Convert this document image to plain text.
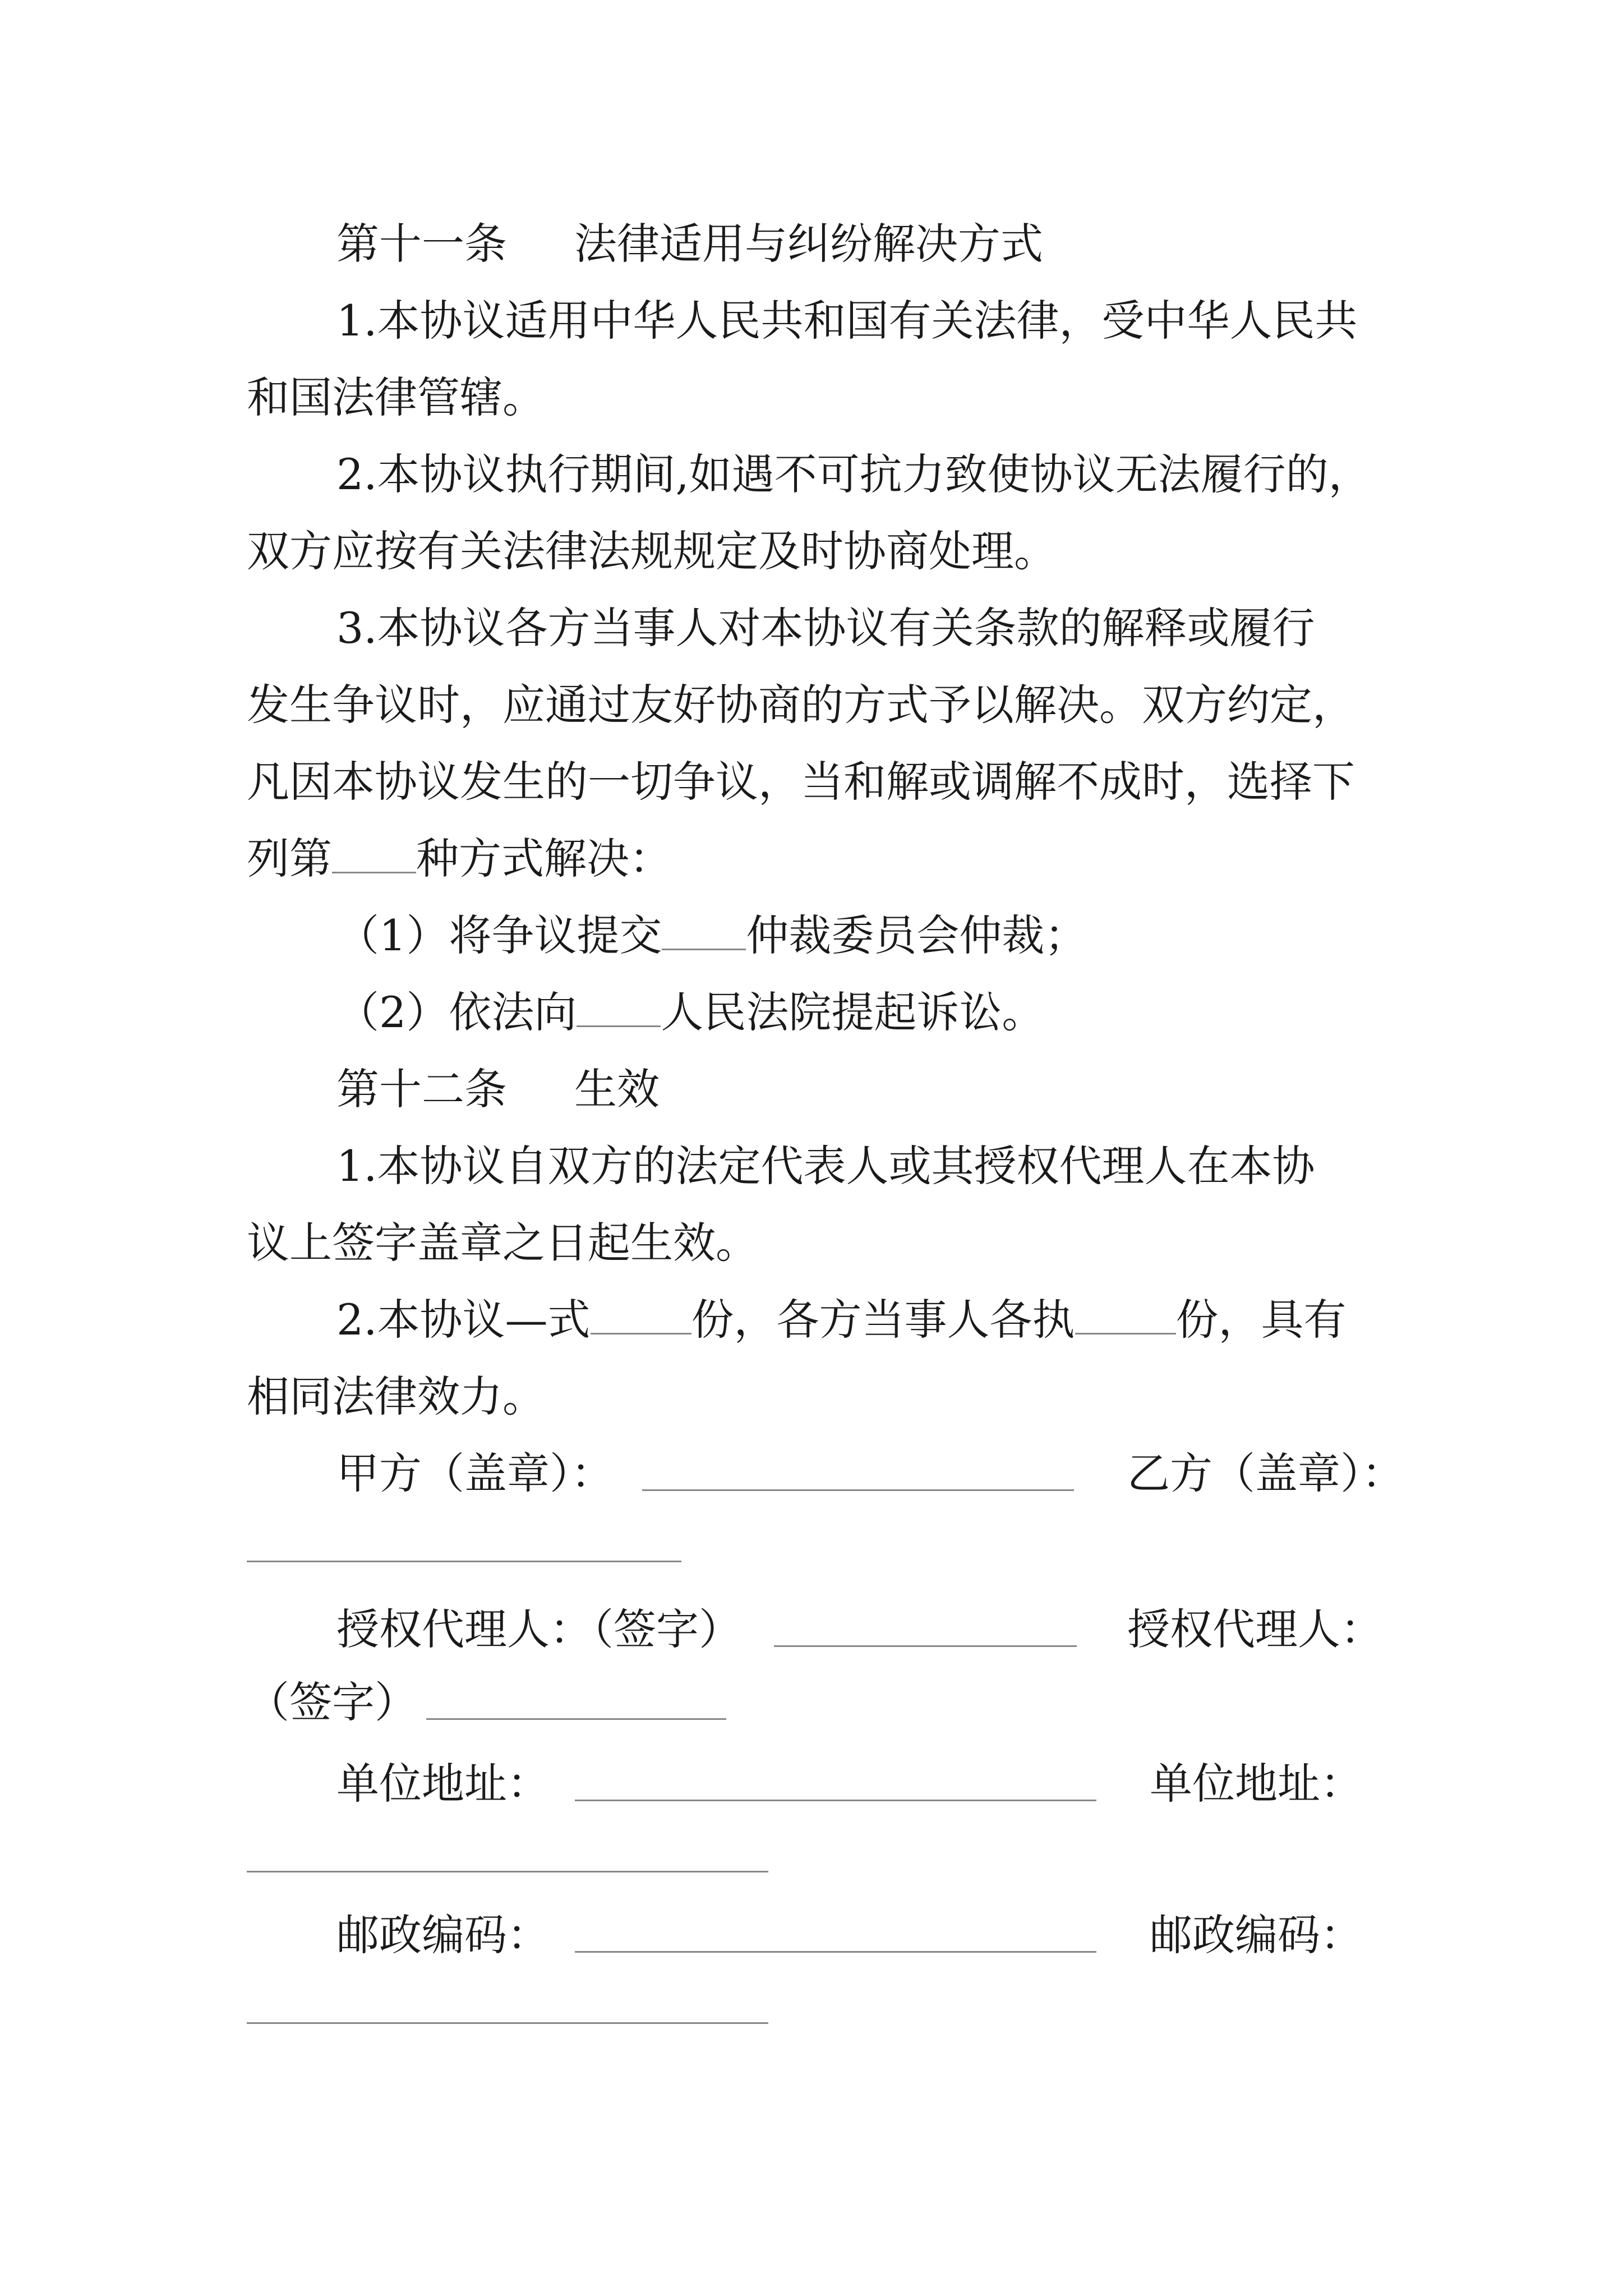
第十一条 法律适用与纠纷解决方式
1.本协议适用中华人民共和国有关法律，受中华人民共
和国法律管辖。
2.本协议执行期间,如遇不可抗力致使协议无法履行的，
双方应按有关法律法规规定及时协商处理。
3.本协议各方当事人对本协议有关条款的解释或履行
发生争议时，应通过友好协商的方式予以解决。双方约定，
凡因本协议发生的一切争议，当和解或调解不成时，选择下
列第 种方式解决：
（1）将争议提交 仲裁委员会仲裁；
（2）依法向 人民法院提起诉讼。
第十二条 生效
1.本协议自双方的法定代表人或其授权代理人在本协
议上签字盖章之日起生效。
2.本协议—式 份，各方当事人各执 份，具有
相同法律效力。
甲方（盖章）：	乙方（盖章）：
授权代理人：（签字）	授权代理人：
（签字）
单位地址：	单位地址：
邮政编码：	邮政编码：
